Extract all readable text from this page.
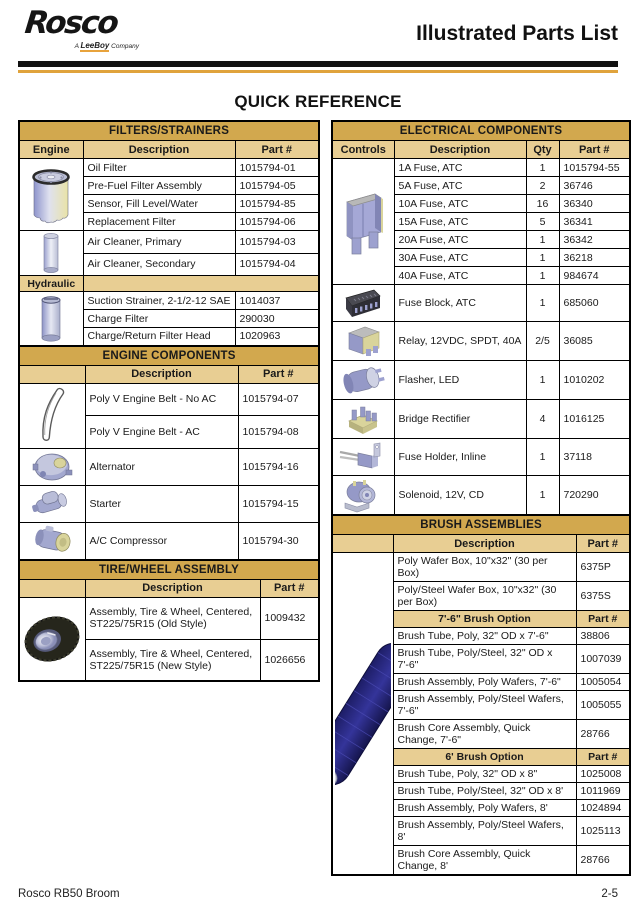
Rosco
A LeeBoy Company
Illustrated Parts List
QUICK REFERENCE
FILTERS/STRAINERS		
Engine	Description	Part #

	Oil Filter	1015794-01
	Pre-Fuel Filter Assembly	1015794-05
	Sensor, Fill Level/Water	1015794-85
	Replacement Filter	1015794-06

	Air Cleaner, Primary	1015794-03
	Air Cleaner, Secondary	1015794-04
Hydraulic		

	Suction Strainer, 2-1/2-12 SAE	1014037
	Charge Filter	290030
	Charge/Return Filter Head	1020963
ENGINE COMPONENTS		
	Description	Part #

	Poly V Engine Belt - No AC	1015794-07
	Poly V Engine Belt - AC	1015794-08

	Alternator	1015794-16

	Starter	1015794-15

	A/C Compressor	1015794-30
TIRE/WHEEL ASSEMBLY		
	Description	Part #

	Assembly, Tire & Wheel, Centered, ST225/75R15 (Old Style)	1009432
	Assembly, Tire & Wheel, Centered, ST225/75R15 (New Style)	1026656
ELECTRICAL COMPONENTS			
Controls	Description	Qty	Part #

	1A Fuse, ATC	1	1015794-55
	5A Fuse, ATC	2	36746
	10A Fuse, ATC	16	36340
	15A Fuse, ATC	5	36341
	20A Fuse, ATC	1	36342
	30A Fuse, ATC	1	36218
	40A Fuse, ATC	1	984674

	Fuse Block, ATC	1	685060

	Relay, 12VDC, SPDT, 40A	2/5	36085

	Flasher, LED	1	1010202

	Bridge Rectifier	4	1016125

	Fuse Holder, Inline	1	37118

	Solenoid, 12V, CD	1	720290
BRUSH ASSEMBLIES		
	Description	Part #

	Poly Wafer Box, 10"x32" (30 per Box)	6375P
	Poly/Steel Wafer Box, 10"x32" (30 per Box)	6375S
	7'-6" Brush Option	Part #
	Brush Tube, Poly, 32" OD x 7'-6"	38806
	Brush Tube, Poly/Steel, 32" OD x 7'-6"	1007039
	Brush Assembly, Poly Wafers, 7'-6"	1005054
	Brush Assembly, Poly/Steel Wafers, 7'-6"	1005055
	Brush Core Assembly, Quick Change, 7'-6"	28766
	6' Brush Option	Part #
	Brush Tube, Poly, 32" OD x 8"	1025008
	Brush Tube, Poly/Steel, 32" OD x 8'	1011969
	Brush Assembly, Poly Wafers, 8'	1024894
	Brush Assembly, Poly/Steel Wafers, 8'	1025113
	Brush Core Assembly, Quick Change, 8'	28766
Rosco RB50 Broom	2-5
